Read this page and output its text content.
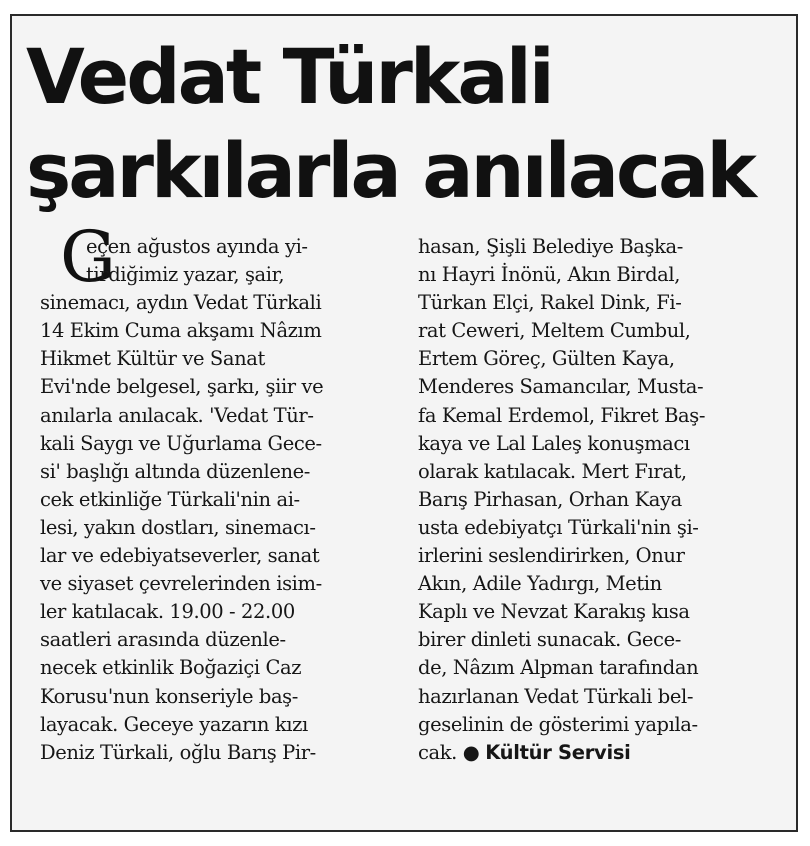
Vedat Türkali
şarkılarla anılacak
G
eçen ağustos ayında yi-
tirdiğimiz yazar, şair,
sinemacı, aydın Vedat Türkali
14 Ekim Cuma akşamı Nâzım
Hikmet Kültür ve Sanat
Evi'nde belgesel, şarkı, şiir ve
anılarla anılacak. 'Vedat Tür-
kali Saygı ve Uğurlama Gece-
si' başlığı altında düzenlene-
cek etkinliğe Türkali'nin ai-
lesi, yakın dostları, sinemacı-
lar ve edebiyatseverler, sanat
ve siyaset çevrelerinden isim-
ler katılacak. 19.00 - 22.00
saatleri arasında düzenle-
necek etkinlik Boğaziçi Caz
Korusu'nun konseriyle baş-
layacak. Geceye yazarın kızı
Deniz Türkali, oğlu Barış Pir-
hasan, Şişli Belediye Başka-
nı Hayri İnönü, Akın Birdal,
Türkan Elçi, Rakel Dink, Fi-
rat Ceweri, Meltem Cumbul,
Ertem Göreç, Gülten Kaya,
Menderes Samancılar, Musta-
fa Kemal Erdemol, Fikret Baş-
kaya ve Lal Laleş konuşmacı
olarak katılacak. Mert Fırat,
Barış Pirhasan, Orhan Kaya
usta edebiyatçı Türkali'nin şi-
irlerini seslendirirken, Onur
Akın, Adile Yadırgı, Metin
Kaplı ve Nevzat Karakış kısa
birer dinleti sunacak. Gece-
de, Nâzım Alpman tarafından
hazırlanan Vedat Türkali bel-
geselinin de gösterimi yapıla-
cak. ● Kültür Servisi
